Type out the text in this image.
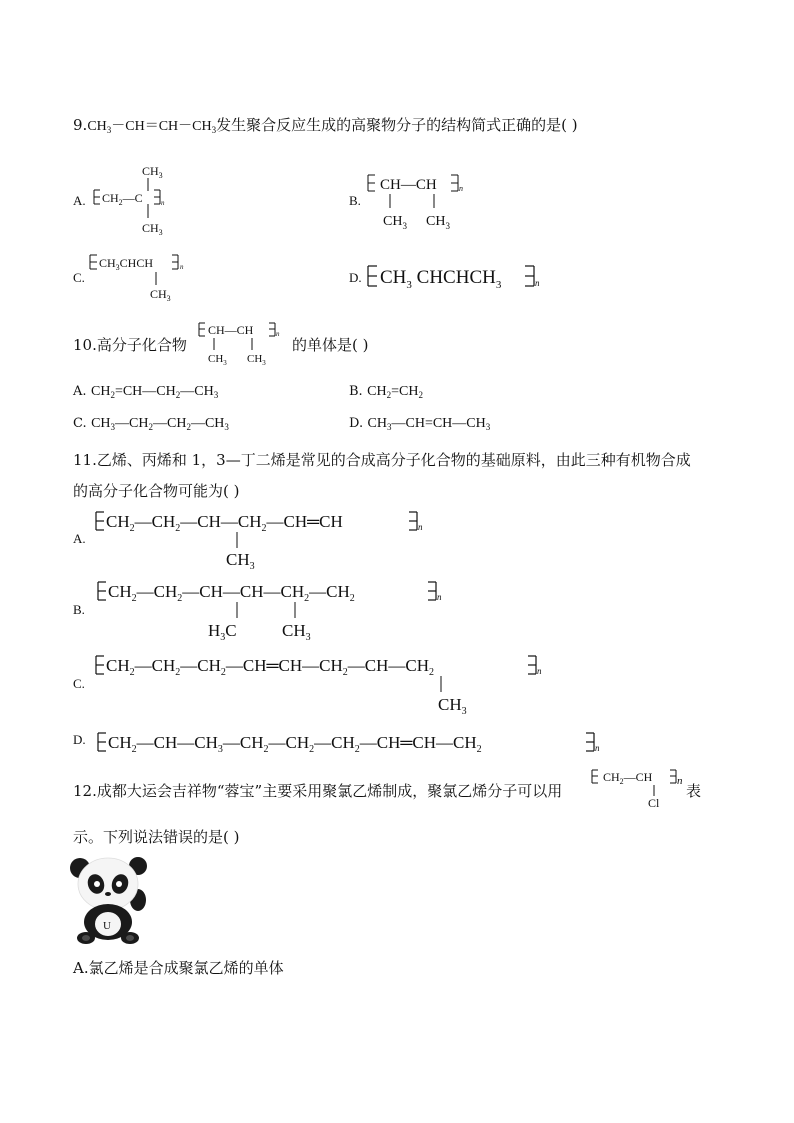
$9.CH_3-CH=CH-CH_3$发生聚合反应生成的高聚物分子的结构简式正确的是( )
A. $CH_2—C$	n
$CH_3$
$CH_3$
B.
CH—CH	n
$CH_3$ $CH_3$
C.
$CH_3CHCH$	n
$CH_3$
D. $CH_3$ $CHCHCH_3$	n
10.高分子化合物
CH—CH	n
$CH_3$ $CH_3$
的单体是( )
A. $CH_2=CH—CH_2—CH_3$	B. $CH_2=CH_2$
C. $CH_3—CH_2—CH_2—CH_3$	D. $CH_3—CH=CH—CH_3$
11.乙烯、丙烯和 1，3—丁二烯是常见的合成高分子化合物的基础原料，由此三种有机物合成
的高分子化合物可能为( )
A.
$CH_2—CH_2—CH—CH_2—CH═CH$	n
$CH_3$
B.
$CH_2—CH_2—CH—CH—CH_2—CH_2$	n
$H_3C$	$CH_3$
C.
$CH_2—CH_2—CH_2—CH═CH—CH_2—CH—CH_2$	n
$CH_3$
D. $CH_2—CH—CH_3—CH_2—CH_2—CH_2—CH═CH—CH_2$	n
12.成都大运会吉祥物“蓉宝”主要采用聚氯乙烯制成，聚氯乙烯分子可以用
$CH_2—CH$ n
Cl
表
示。下列说法错误的是( )
U
A.氯乙烯是合成聚氯乙烯的单体
